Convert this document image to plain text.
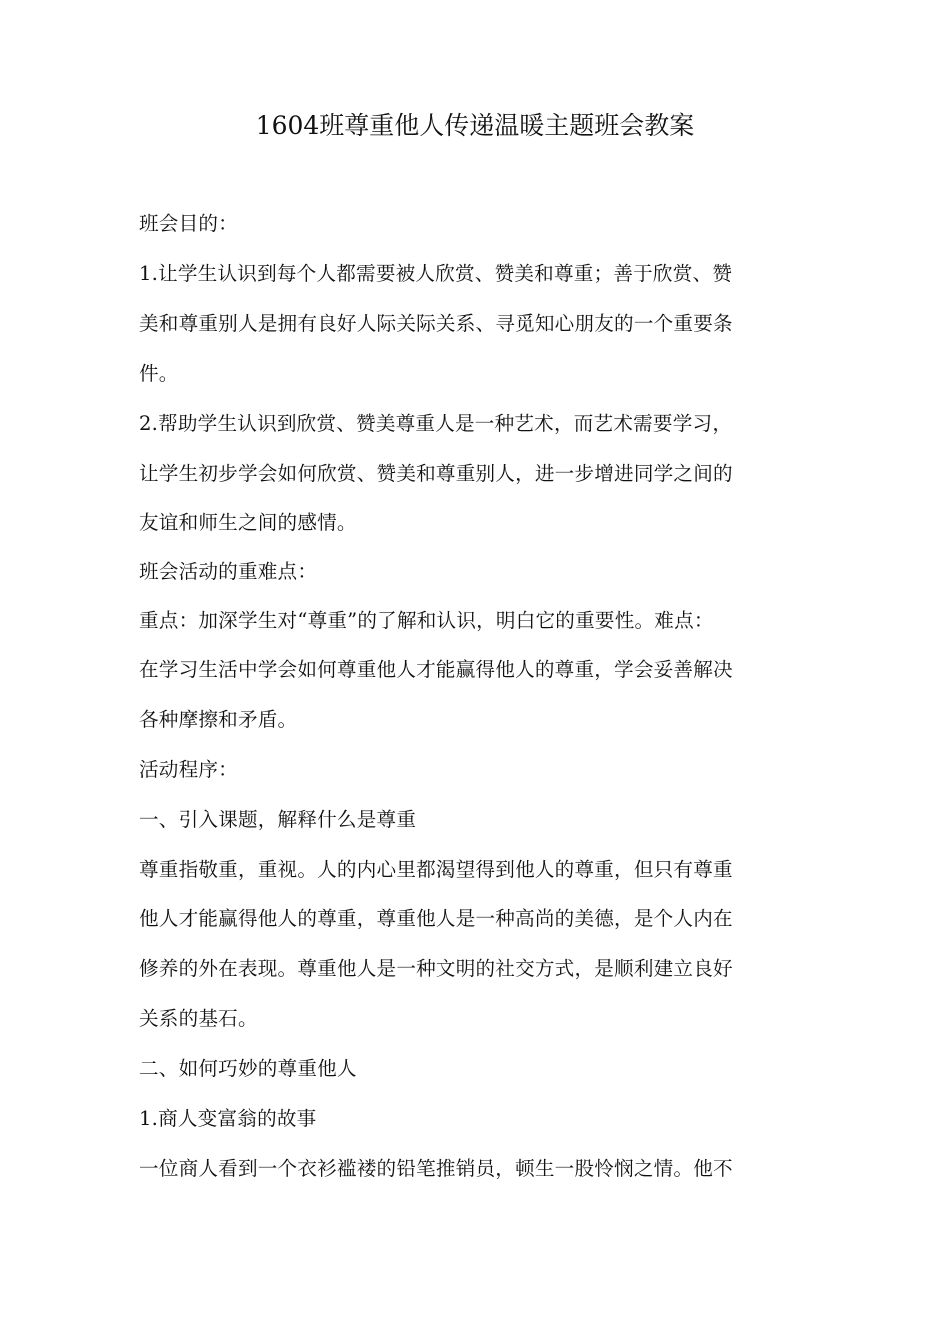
1604班尊重他人传递温暖主题班会教案
班会目的：
1.让学生认识到每个人都需要被人欣赏、赞美和尊重；善于欣赏、赞
美和尊重别人是拥有良好人际关际关系、寻觅知心朋友的一个重要条
件。
2.帮助学生认识到欣赏、赞美尊重人是一种艺术，而艺术需要学习，
让学生初步学会如何欣赏、赞美和尊重别人，进一步增进同学之间的
友谊和师生之间的感情。
班会活动的重难点：
重点：加深学生对“尊重”的了解和认识，明白它的重要性。难点：
在学习生活中学会如何尊重他人才能赢得他人的尊重，学会妥善解决
各种摩擦和矛盾。
活动程序：
一、引入课题，解释什么是尊重
尊重指敬重，重视。人的内心里都渴望得到他人的尊重，但只有尊重
他人才能赢得他人的尊重，尊重他人是一种高尚的美德，是个人内在
修养的外在表现。尊重他人是一种文明的社交方式，是顺利建立良好
关系的基石。
二、如何巧妙的尊重他人
1.商人变富翁的故事
一位商人看到一个衣衫褴褛的铅笔推销员，顿生一股怜悯之情。他不
